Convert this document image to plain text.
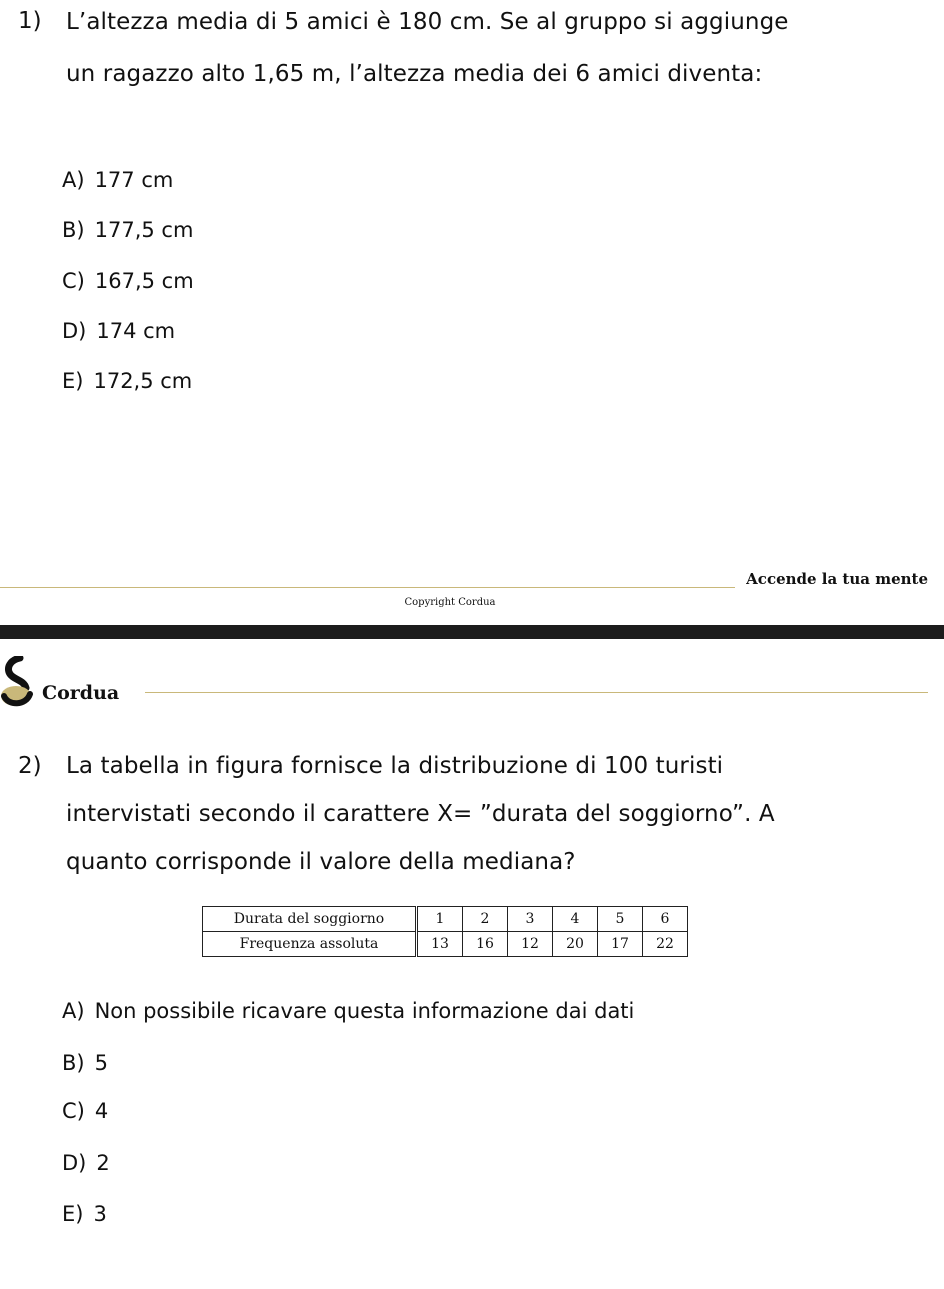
1) L’altezza media di 5 amici è 180 cm. Se al gruppo si aggiunge
un ragazzo alto 1,65 m, l’altezza media dei 6 amici diventa:
A) 177 cm
B) 177,5 cm
C) 167,5 cm
D) 174 cm
E) 172,5 cm
Accende la tua mente
Copyright Cordua
Cordua
2) La tabella in figura fornisce la distribuzione di 100 turisti
intervistati secondo il carattere X= ”durata del soggiorno”. A
quanto corrisponde il valore della mediana?
Durata del soggiorno	1	2	3	4	5	6
Frequenza assoluta	13	16	12	20	17	22
A) Non possibile ricavare questa informazione dai dati
B) 5
C) 4
D) 2
E) 3
